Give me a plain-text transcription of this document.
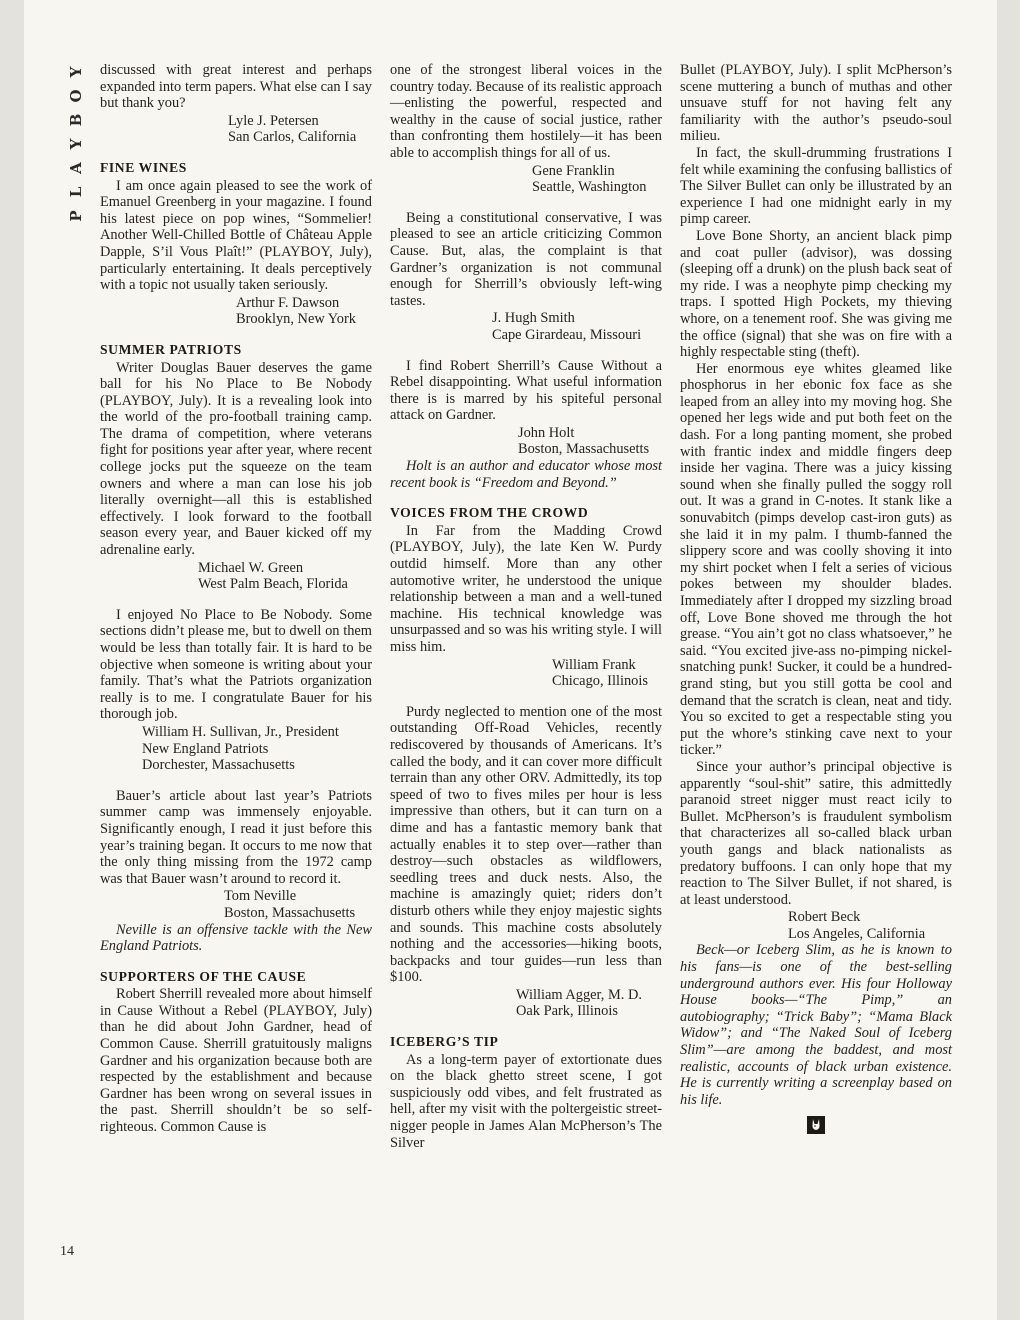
Y
O
B
Y
A
L
P
14

discussed with great interest and perhaps expanded into term papers. What else can I say but thank you?

Lyle J. Petersen
San Carlos, California
FINE WINES

I am once again pleased to see the work of Emanuel Greenberg in your magazine. I found his latest piece on pop wines, “Sommelier! Another Well-Chilled Bottle of Château Apple Dapple, S’il Vous Plaît!” (PLAYBOY, July), particularly entertaining. It deals perceptively with a topic not usually taken seriously.

Arthur F. Dawson
Brooklyn, New York
SUMMER PATRIOTS

Writer Douglas Bauer deserves the game ball for his No Place to Be Nobody (PLAYBOY, July). It is a revealing look into the world of the pro-football training camp. The drama of competition, where veterans fight for positions year after year, where recent college jocks put the squeeze on the team owners and where a man can lose his job literally overnight—all this is established effectively. I look forward to the football season every year, and Bauer kicked off my adrenaline early.

Michael W. Green
West Palm Beach, Florida

I enjoyed No Place to Be Nobody. Some sections didn’t please me, but to dwell on them would be less than totally fair. It is hard to be objective when someone is writing about your family. That’s what the Patriots organization really is to me. I congratulate Bauer for his thorough job.

William H. Sullivan, Jr., President
New England Patriots
Dorchester, Massachusetts

Bauer’s article about last year’s Patriots summer camp was immensely enjoyable. Significantly enough, I read it just before this year’s training began. It occurs to me now that the only thing missing from the 1972 camp was that Bauer wasn’t around to record it.

Tom Neville
Boston, Massachusetts

Neville is an offensive tackle with the New England Patriots.

SUPPORTERS OF THE CAUSE

Robert Sherrill revealed more about himself in Cause Without a Rebel (PLAYBOY, July) than he did about John Gardner, head of Common Cause. Sherrill gratuitously maligns Gardner and his organization because both are respected by the establishment and because Gardner has been wrong on several issues in the past. Sherrill shouldn’t be so self-righteous. Common Cause is

one of the strongest liberal voices in the country today. Because of its realistic approach—enlisting the powerful, respected and wealthy in the cause of social justice, rather than confronting them hostilely—it has been able to accomplish things for all of us.

Gene Franklin
Seattle, Washington

Being a constitutional conservative, I was pleased to see an article criticizing Common Cause. But, alas, the complaint is that Gardner’s organization is not communal enough for Sherrill’s obviously left-wing tastes.

J. Hugh Smith
Cape Girardeau, Missouri

I find Robert Sherrill’s Cause Without a Rebel disappointing. What useful information there is is marred by his spiteful personal attack on Gardner.

John Holt
Boston, Massachusetts

Holt is an author and educator whose most recent book is “Freedom and Beyond.”

VOICES FROM THE CROWD

In Far from the Madding Crowd (PLAYBOY, July), the late Ken W. Purdy outdid himself. More than any other automotive writer, he understood the unique relationship between a man and a well-tuned machine. His technical knowledge was unsurpassed and so was his writing style. I will miss him.

William Frank
Chicago, Illinois

Purdy neglected to mention one of the most outstanding Off-Road Vehicles, recently rediscovered by thousands of Americans. It’s called the body, and it can cover more difficult terrain than any other ORV. Admittedly, its top speed of two to fives miles per hour is less impressive than others, but it can turn on a dime and has a fantastic memory bank that actually enables it to step over—rather than destroy—such obstacles as wildflowers, seedling trees and duck nests. Also, the machine is amazingly quiet; riders don’t disturb others while they enjoy majestic sights and sounds. This machine costs absolutely nothing and the accessories—hiking boots, backpacks and tour guides—run less than $100.

William Agger, M. D.
Oak Park, Illinois
ICEBERG’S TIP

As a long-term payer of extortionate dues on the black ghetto street scene, I got suspiciously odd vibes, and felt frustrated as hell, after my visit with the poltergeistic street-nigger people in James Alan McPherson’s The Silver

Bullet (PLAYBOY, July). I split McPherson’s scene muttering a bunch of muthas and other unsuave stuff for not having felt any familiarity with the author’s pseudo-soul milieu.

In fact, the skull-drumming frustrations I felt while examining the confusing ballistics of The Silver Bullet can only be illustrated by an experience I had one midnight early in my pimp career.

Love Bone Shorty, an ancient black pimp and coat puller (advisor), was dossing (sleeping off a drunk) on the plush back seat of my ride. I was a neophyte pimp checking my traps. I spotted High Pockets, my thieving whore, on a tenement roof. She was giving me the office (signal) that she was on fire with a highly respectable sting (theft).

Her enormous eye whites gleamed like phosphorus in her ebonic fox face as she leaped from an alley into my moving hog. She opened her legs wide and put both feet on the dash. For a long panting moment, she probed with frantic index and middle fingers deep inside her vagina. There was a juicy kissing sound when she finally pulled the soggy roll out. It was a grand in C-notes. It stank like a sonuvabitch (pimps develop cast-iron guts) as she laid it in my palm. I thumb-fanned the slippery score and was coolly shoving it into my shirt pocket when I felt a series of vicious pokes between my shoulder blades. Immediately after I dropped my sizzling broad off, Love Bone shoved me through the hot grease. “You ain’t got no class whatsoever,” he said. “You excited jive-ass no-pimping nickel-snatching punk! Sucker, it could be a hundred-grand sting, but you still gotta be cool and demand that the scratch is clean, neat and tidy. You so excited to get a respectable sting you put the whore’s stinking cave next to your ticker.”

Since your author’s principal objective is apparently “soul-shit” satire, this admittedly paranoid street nigger must react icily to Bullet. McPherson’s is fraudulent symbolism that characterizes all so-called black urban youth gangs and black nationalists as predatory buffoons. I can only hope that my reaction to The Silver Bullet, if not shared, is at least understood.

Robert Beck
Los Angeles, California

Beck—or Iceberg Slim, as he is known to his fans—is one of the best-selling underground authors ever. His four Holloway House books—“The Pimp,” an autobiography; “Trick Baby”; “Mama Black Widow”; and “The Naked Soul of Iceberg Slim”—are among the baddest, and most realistic, accounts of black urban existence. He is currently writing a screenplay based on his life.
